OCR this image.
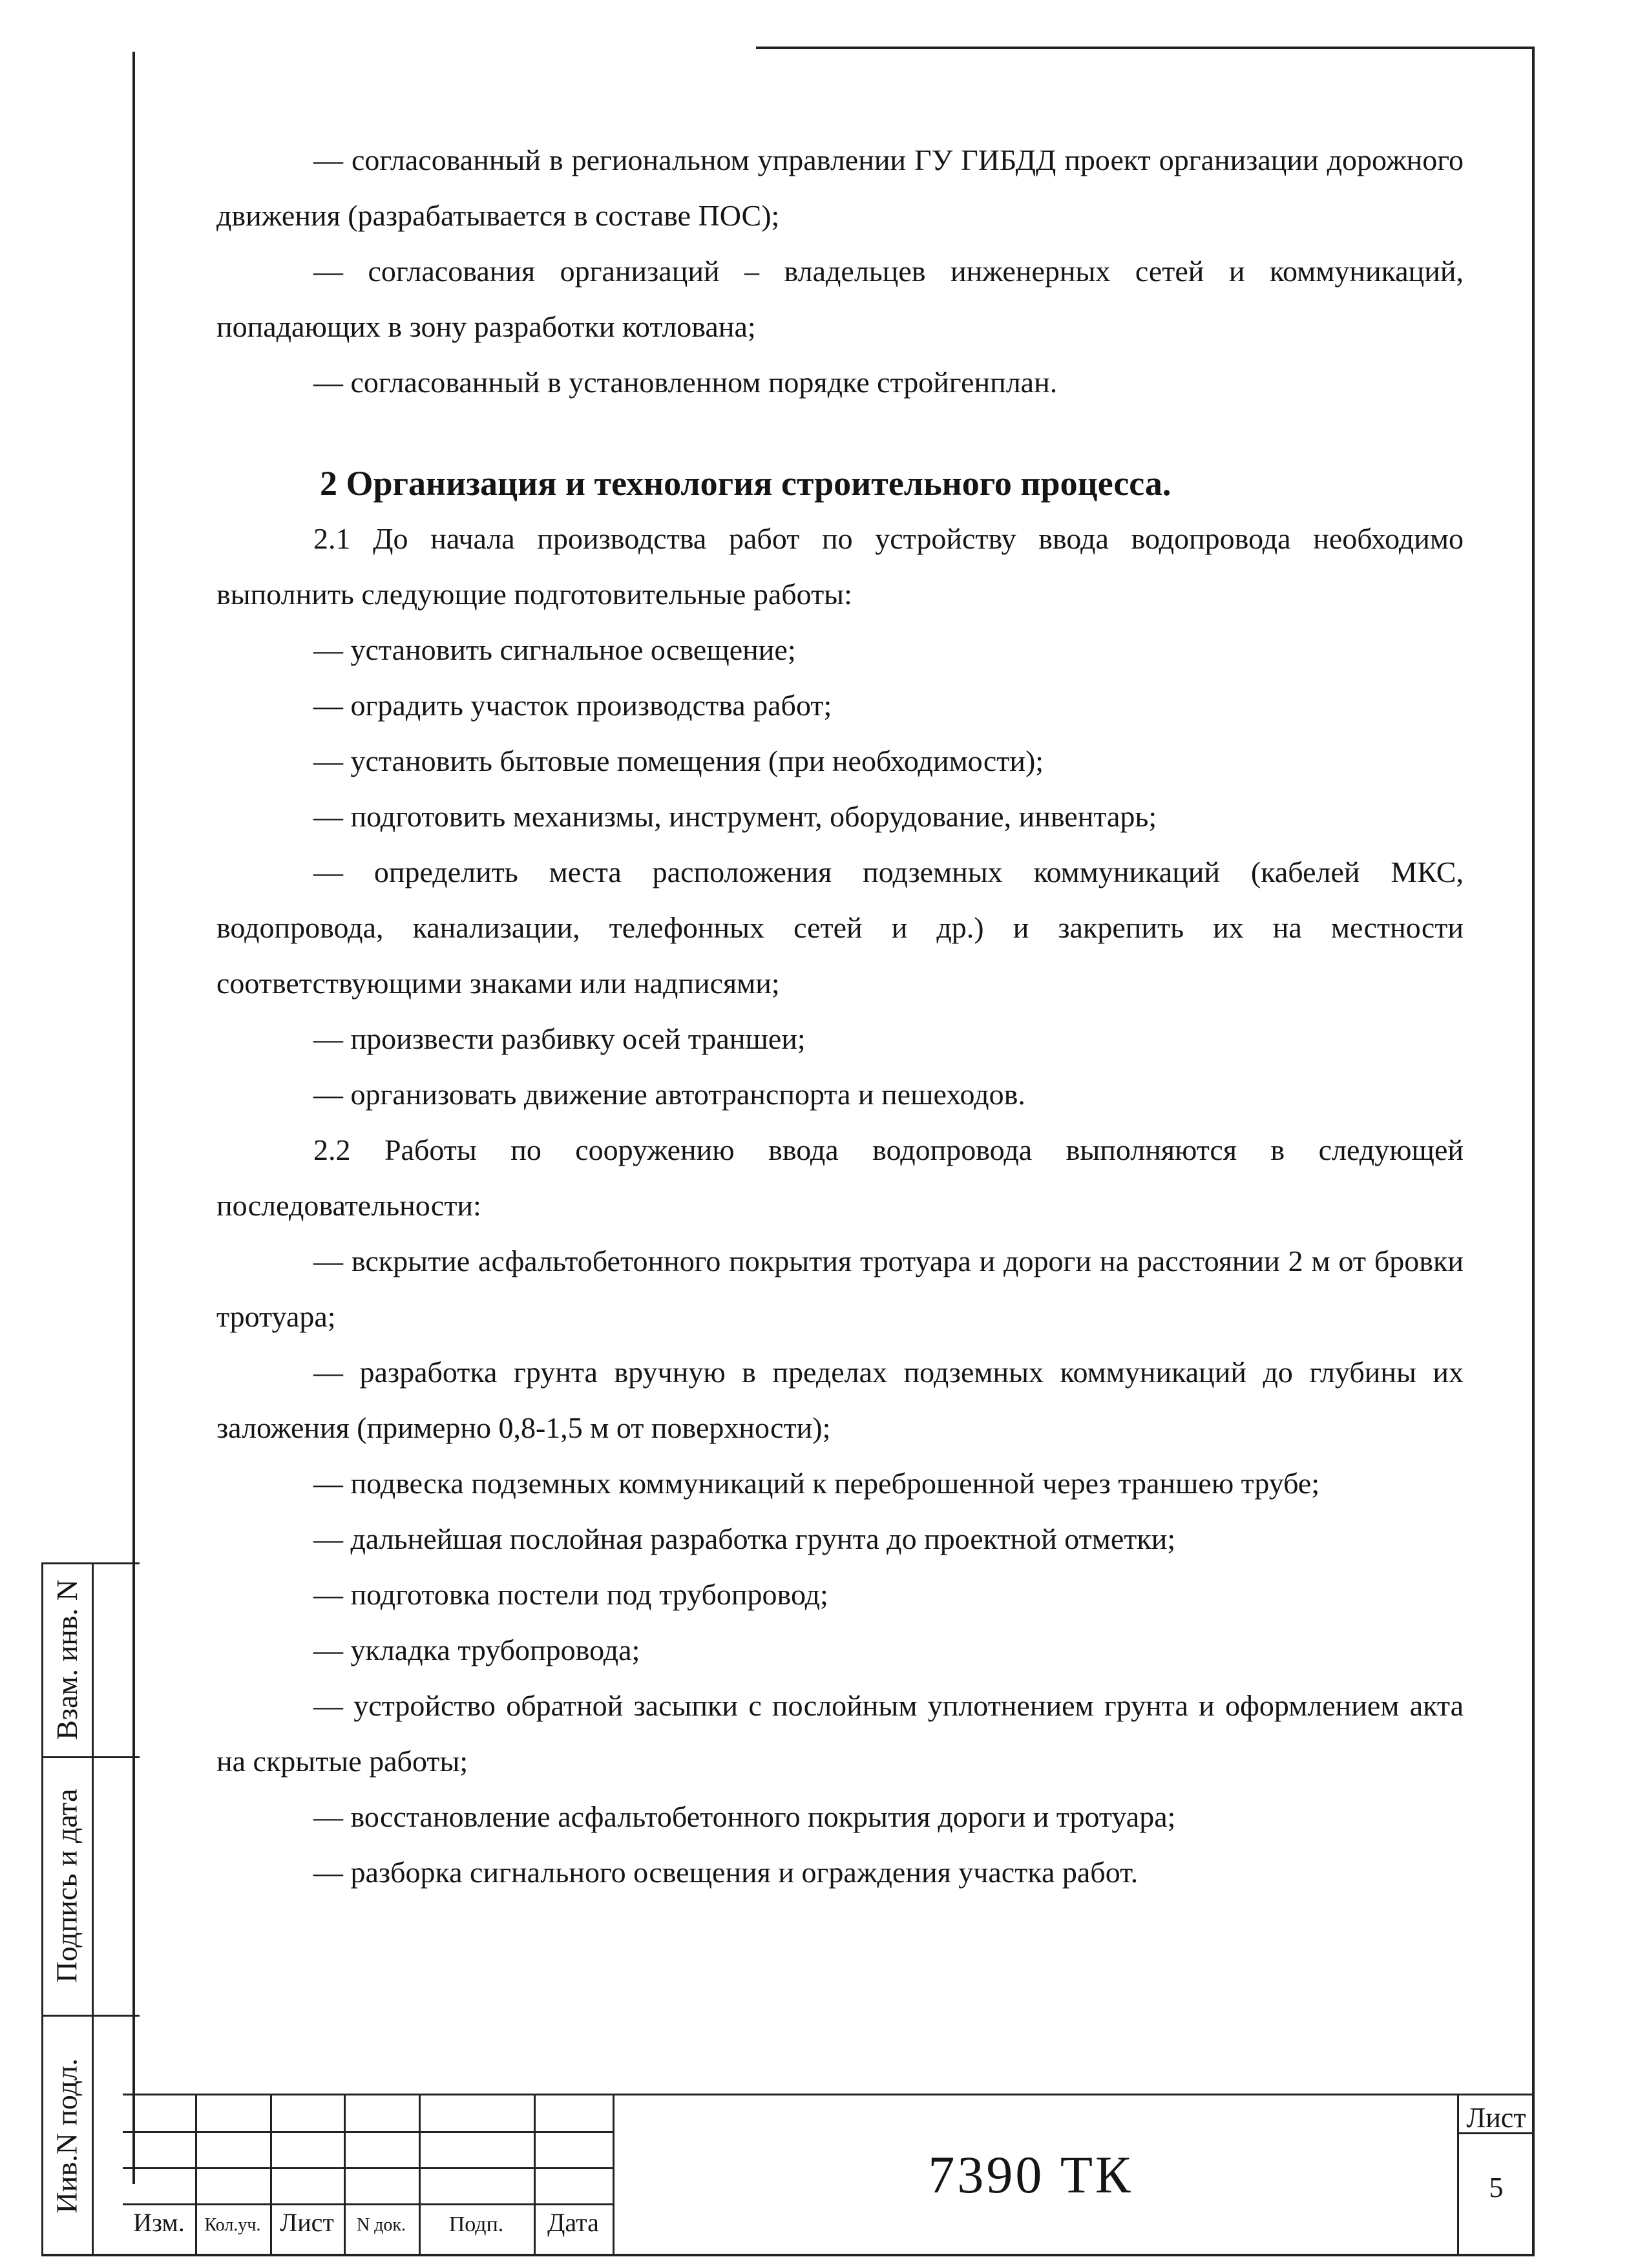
— согласованный в региональном управлении ГУ ГИБДД проект организации дорожного движения (разрабатывается в составе ПОС);

— согласования организаций – владельцев инженерных сетей и коммуникаций, попадающих в зону разработки котлована;

— согласованный в установленном порядке стройгенплан.

2 Организация и технология строительного процесса.

2.1 До начала производства работ по устройству ввода водопровода необходимо выполнить следующие подготовительные работы:

— установить сигнальное освещение;

— оградить участок производства работ;

— установить бытовые помещения (при необходимости);

— подготовить механизмы, инструмент, оборудование, инвентарь;

— определить места расположения подземных коммуникаций (кабелей МКС, водопровода, канализации, телефонных сетей и др.) и закрепить их на местности соответствующими знаками или надписями;

— произвести разбивку осей траншеи;

— организовать движение автотранспорта и пешеходов.

2.2 Работы по сооружению ввода водопровода выполняются в следующей последовательности:

— вскрытие асфальтобетонного покрытия тротуара и дороги на расстоянии 2 м от бровки тротуара;

— разработка грунта вручную в пределах подземных коммуникаций до глубины их заложения (примерно 0,8-1,5 м от поверхности);

— подвеска подземных коммуникаций к переброшенной через траншею трубе;

— дальнейшая послойная разработка грунта до проектной отметки;

— подготовка постели под трубопровод;

— укладка трубопровода;

— устройство обратной засыпки с послойным уплотнением грунта и оформлением акта на скрытые работы;

— восстановление асфальтобетонного покрытия дороги и тротуара;

— разборка сигнального освещения и ограждения участка работ.

Взам. инв. N
Подпись и дата
Иив.N подл.
Изм.	Кол.уч. Лист	N док.	Подп.	Дата
7390 ТК
Лист
5
